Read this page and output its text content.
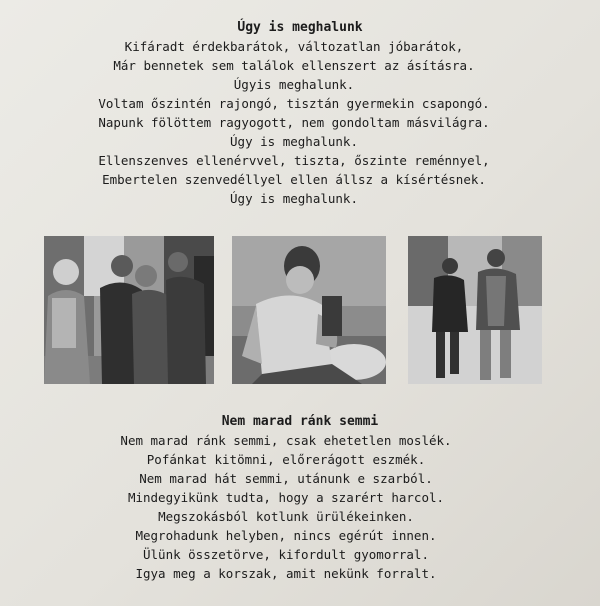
Úgy is meghalunk
Kifáradt érdekbarátok, változatlan jóbarátok,
Már bennetek sem találok ellenszert az ásításra.
Úgyis meghalunk.
Voltam őszintén rajongó, tisztán gyermekin csapongó.
Napunk fölöttem ragyogott, nem gondoltam másvilágra.
Úgy is meghalunk.
Ellenszenves ellenérvvel, tiszta, őszinte reménnyel,
Embertelen szenvedéllyel ellen állsz a kísértésnek.
Úgy is meghalunk.
Nem marad ránk semmi
Nem marad ránk semmi, csak ehetetlen moslék.
Pofánkat kitömni, előrerágott eszmék.
Nem marad hát semmi, utánunk e szarból.
Mindegyikünk tudta, hogy a szarért harcol.
Megszokásból kotlunk ürülékeinken.
Megrohadunk helyben, nincs egérút innen.
Ülünk összetörve, kifordult gyomorral.
Igya meg a korszak, amit nekünk forralt.
